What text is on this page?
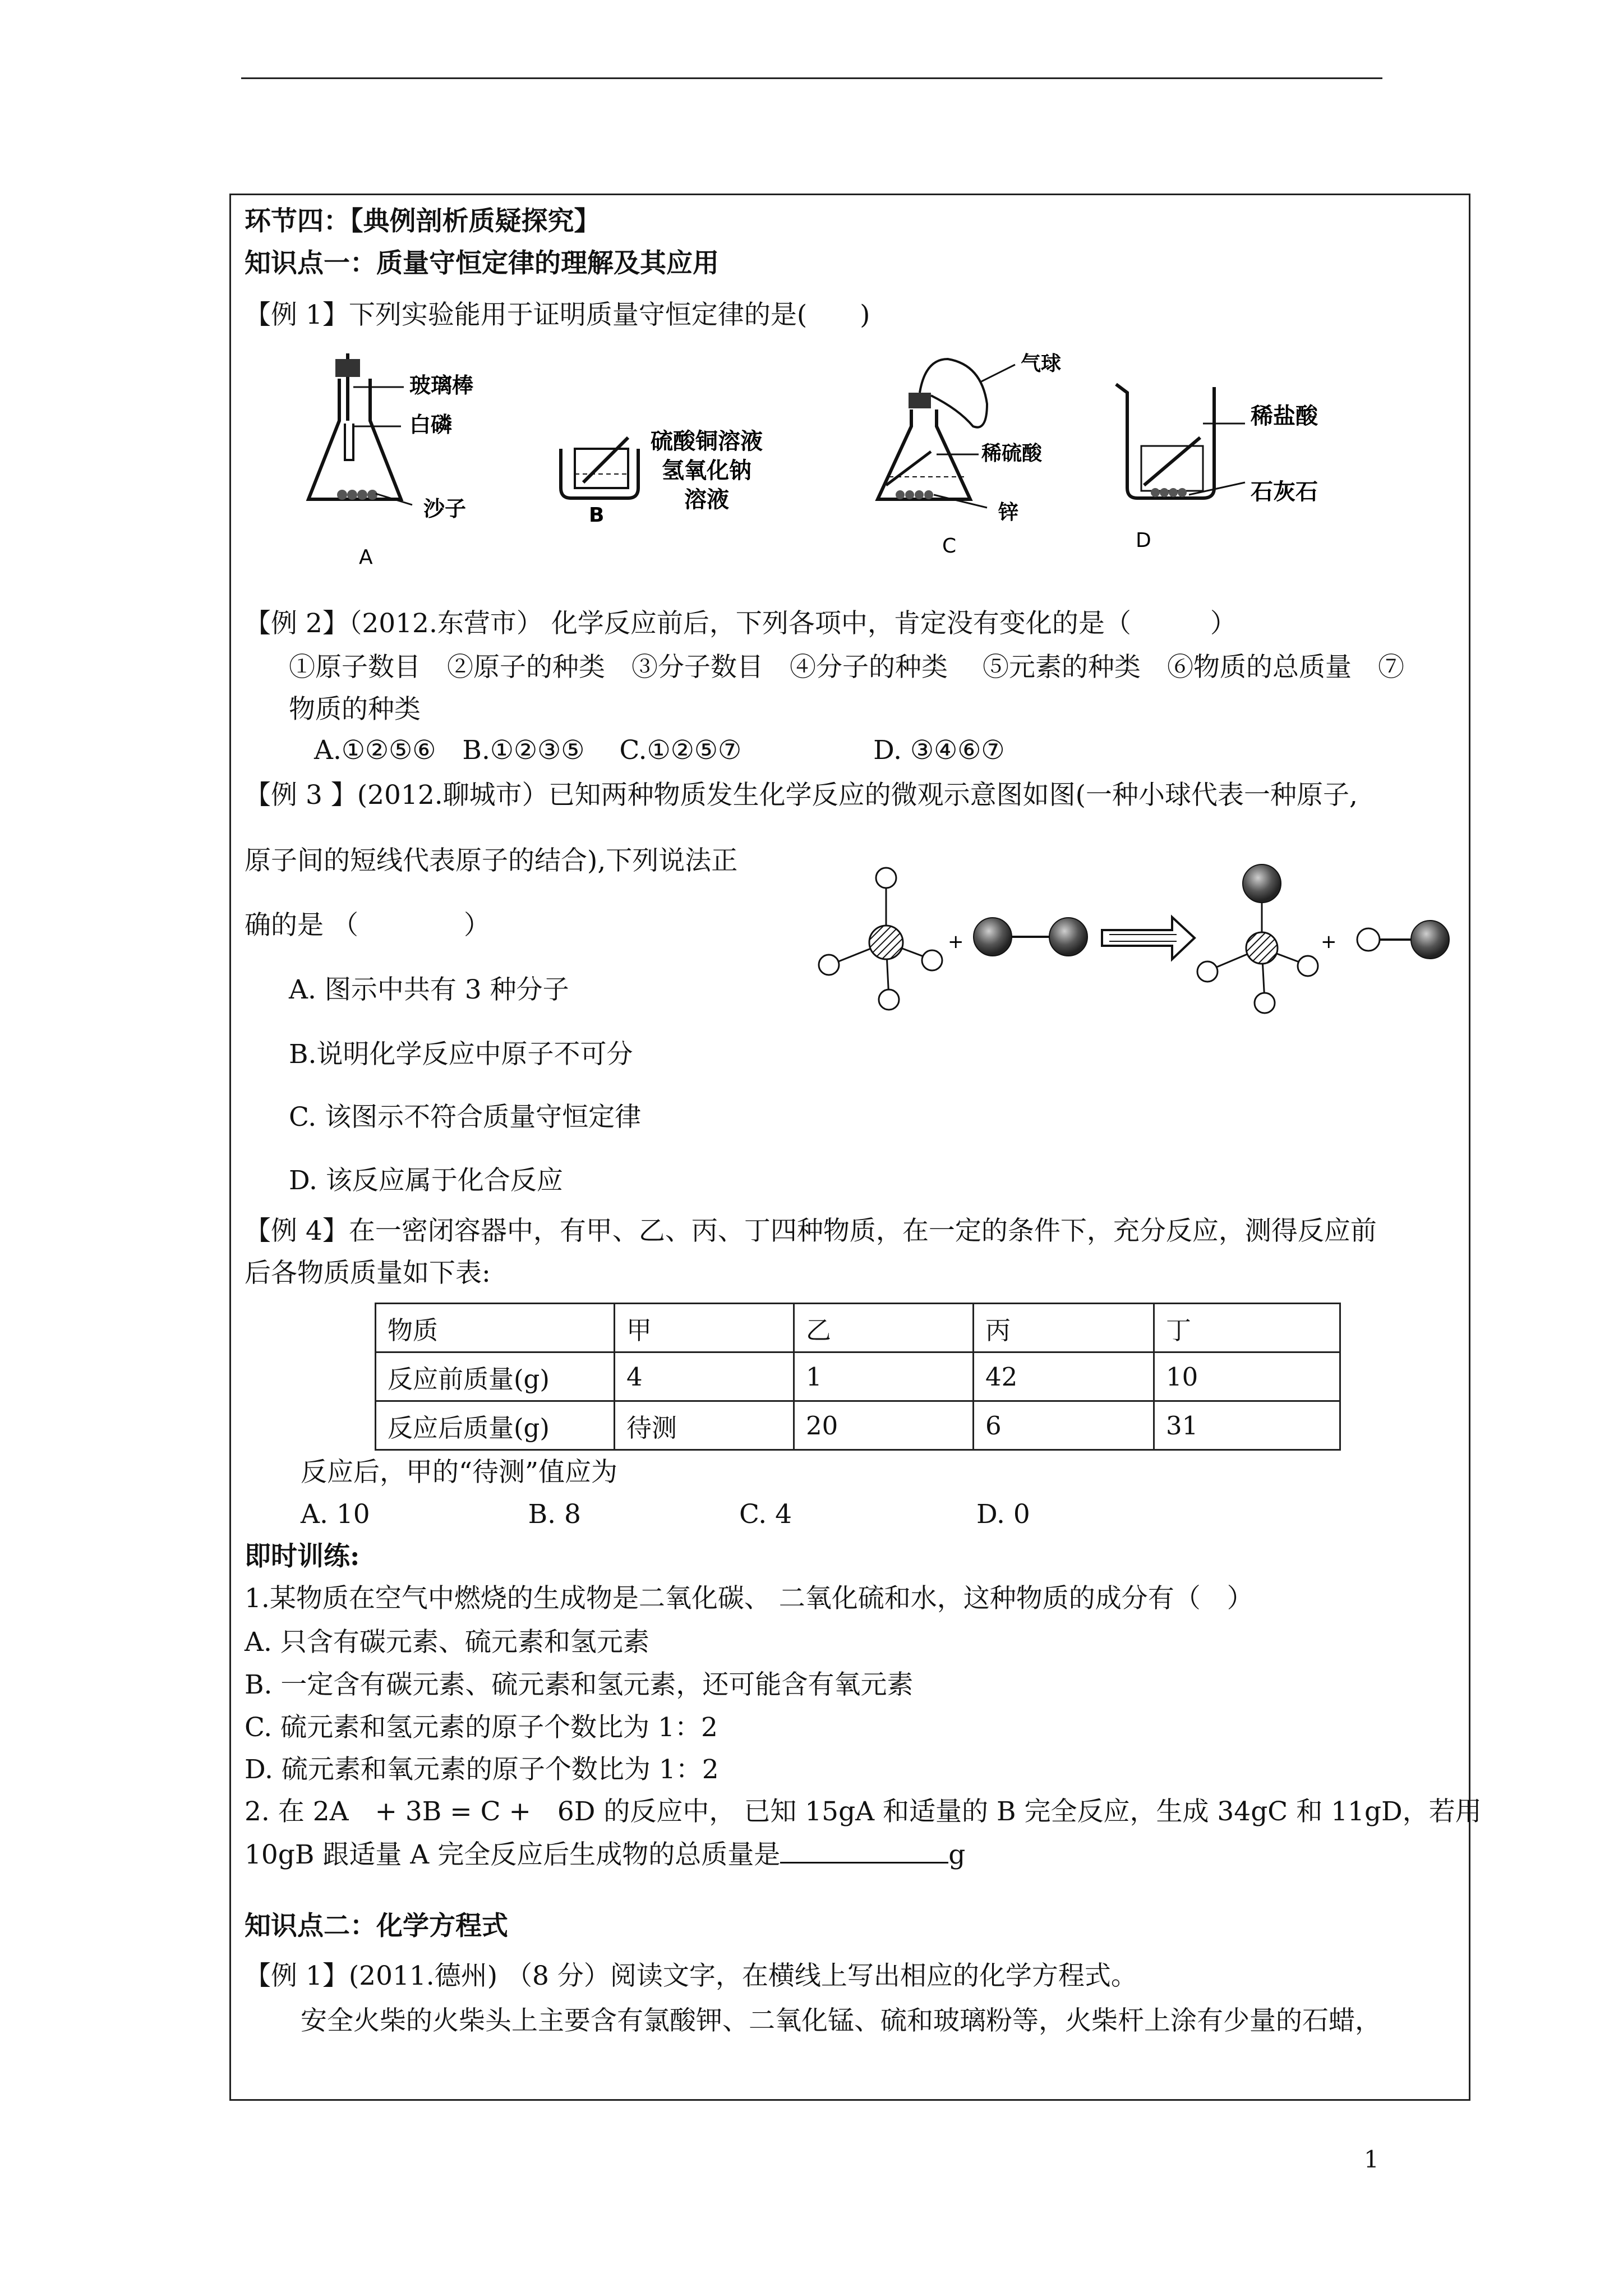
环节四：【典例剖析质疑探究】
知识点一：质量守恒定律的理解及其应用
【例 1】下列实验能用于证明质量守恒定律的是(　　)
玻璃棒
白磷
沙子
A
硫酸铜溶液
氢氧化钠
溶液
B
气球
稀硫酸
锌
C
稀盐酸
石灰石
D
【例 2】（2012.东营市） 化学反应前后，下列各项中，肯定没有变化的是（　　　）
①原子数目　②原子的种类　③分子数目　④分子的种类　 ⑤元素的种类　⑥物质的总质量　⑦
物质的种类
A.①②⑤⑥　B.①②③⑤　 C.①②⑤⑦　　　　　D. ③④⑥⑦
【例 3 】(2012.聊城市）已知两种物质发生化学反应的微观示意图如图(一种小球代表一种原子,
原子间的短线代表原子的结合),下列说法正
确的是 （　　　　）
+	+
A. 图示中共有 3 种分子
B.说明化学反应中原子不可分
C. 该图示不符合质量守恒定律
D. 该反应属于化合反应
【例 4】在一密闭容器中，有甲、乙、丙、丁四种物质，在一定的条件下，充分反应，测得反应前
后各物质质量如下表:
物质	甲	乙	丙	丁
反应前质量(g)	4	1	42	10
反应后质量(g)	待测	20	6	31
反应后，甲的“待测”值应为
A. 10　　　　　　B. 8　　　　　　C. 4　　　　　　　D. 0
即时训练:
1.某物质在空气中燃烧的生成物是二氧化碳、 二氧化硫和水，这种物质的成分有（　）
A. 只含有碳元素、硫元素和氢元素
B. 一定含有碳元素、硫元素和氢元素，还可能含有氧元素
C. 硫元素和氢元素的原子个数比为 1：2
D. 硫元素和氧元素的原子个数比为 1：2
2. 在 2A　+ 3B = C +　6D 的反应中， 已知 15gA 和适量的 B 完全反应，生成 34gC 和 11gD，若用
10gB 跟适量 A 完全反应后生成物的总质量是	g
知识点二：化学方程式
【例 1】(2011.德州) （8 分）阅读文字，在横线上写出相应的化学方程式。
安全火柴的火柴头上主要含有氯酸钾、二氧化锰、硫和玻璃粉等，火柴杆上涂有少量的石蜡，
1
